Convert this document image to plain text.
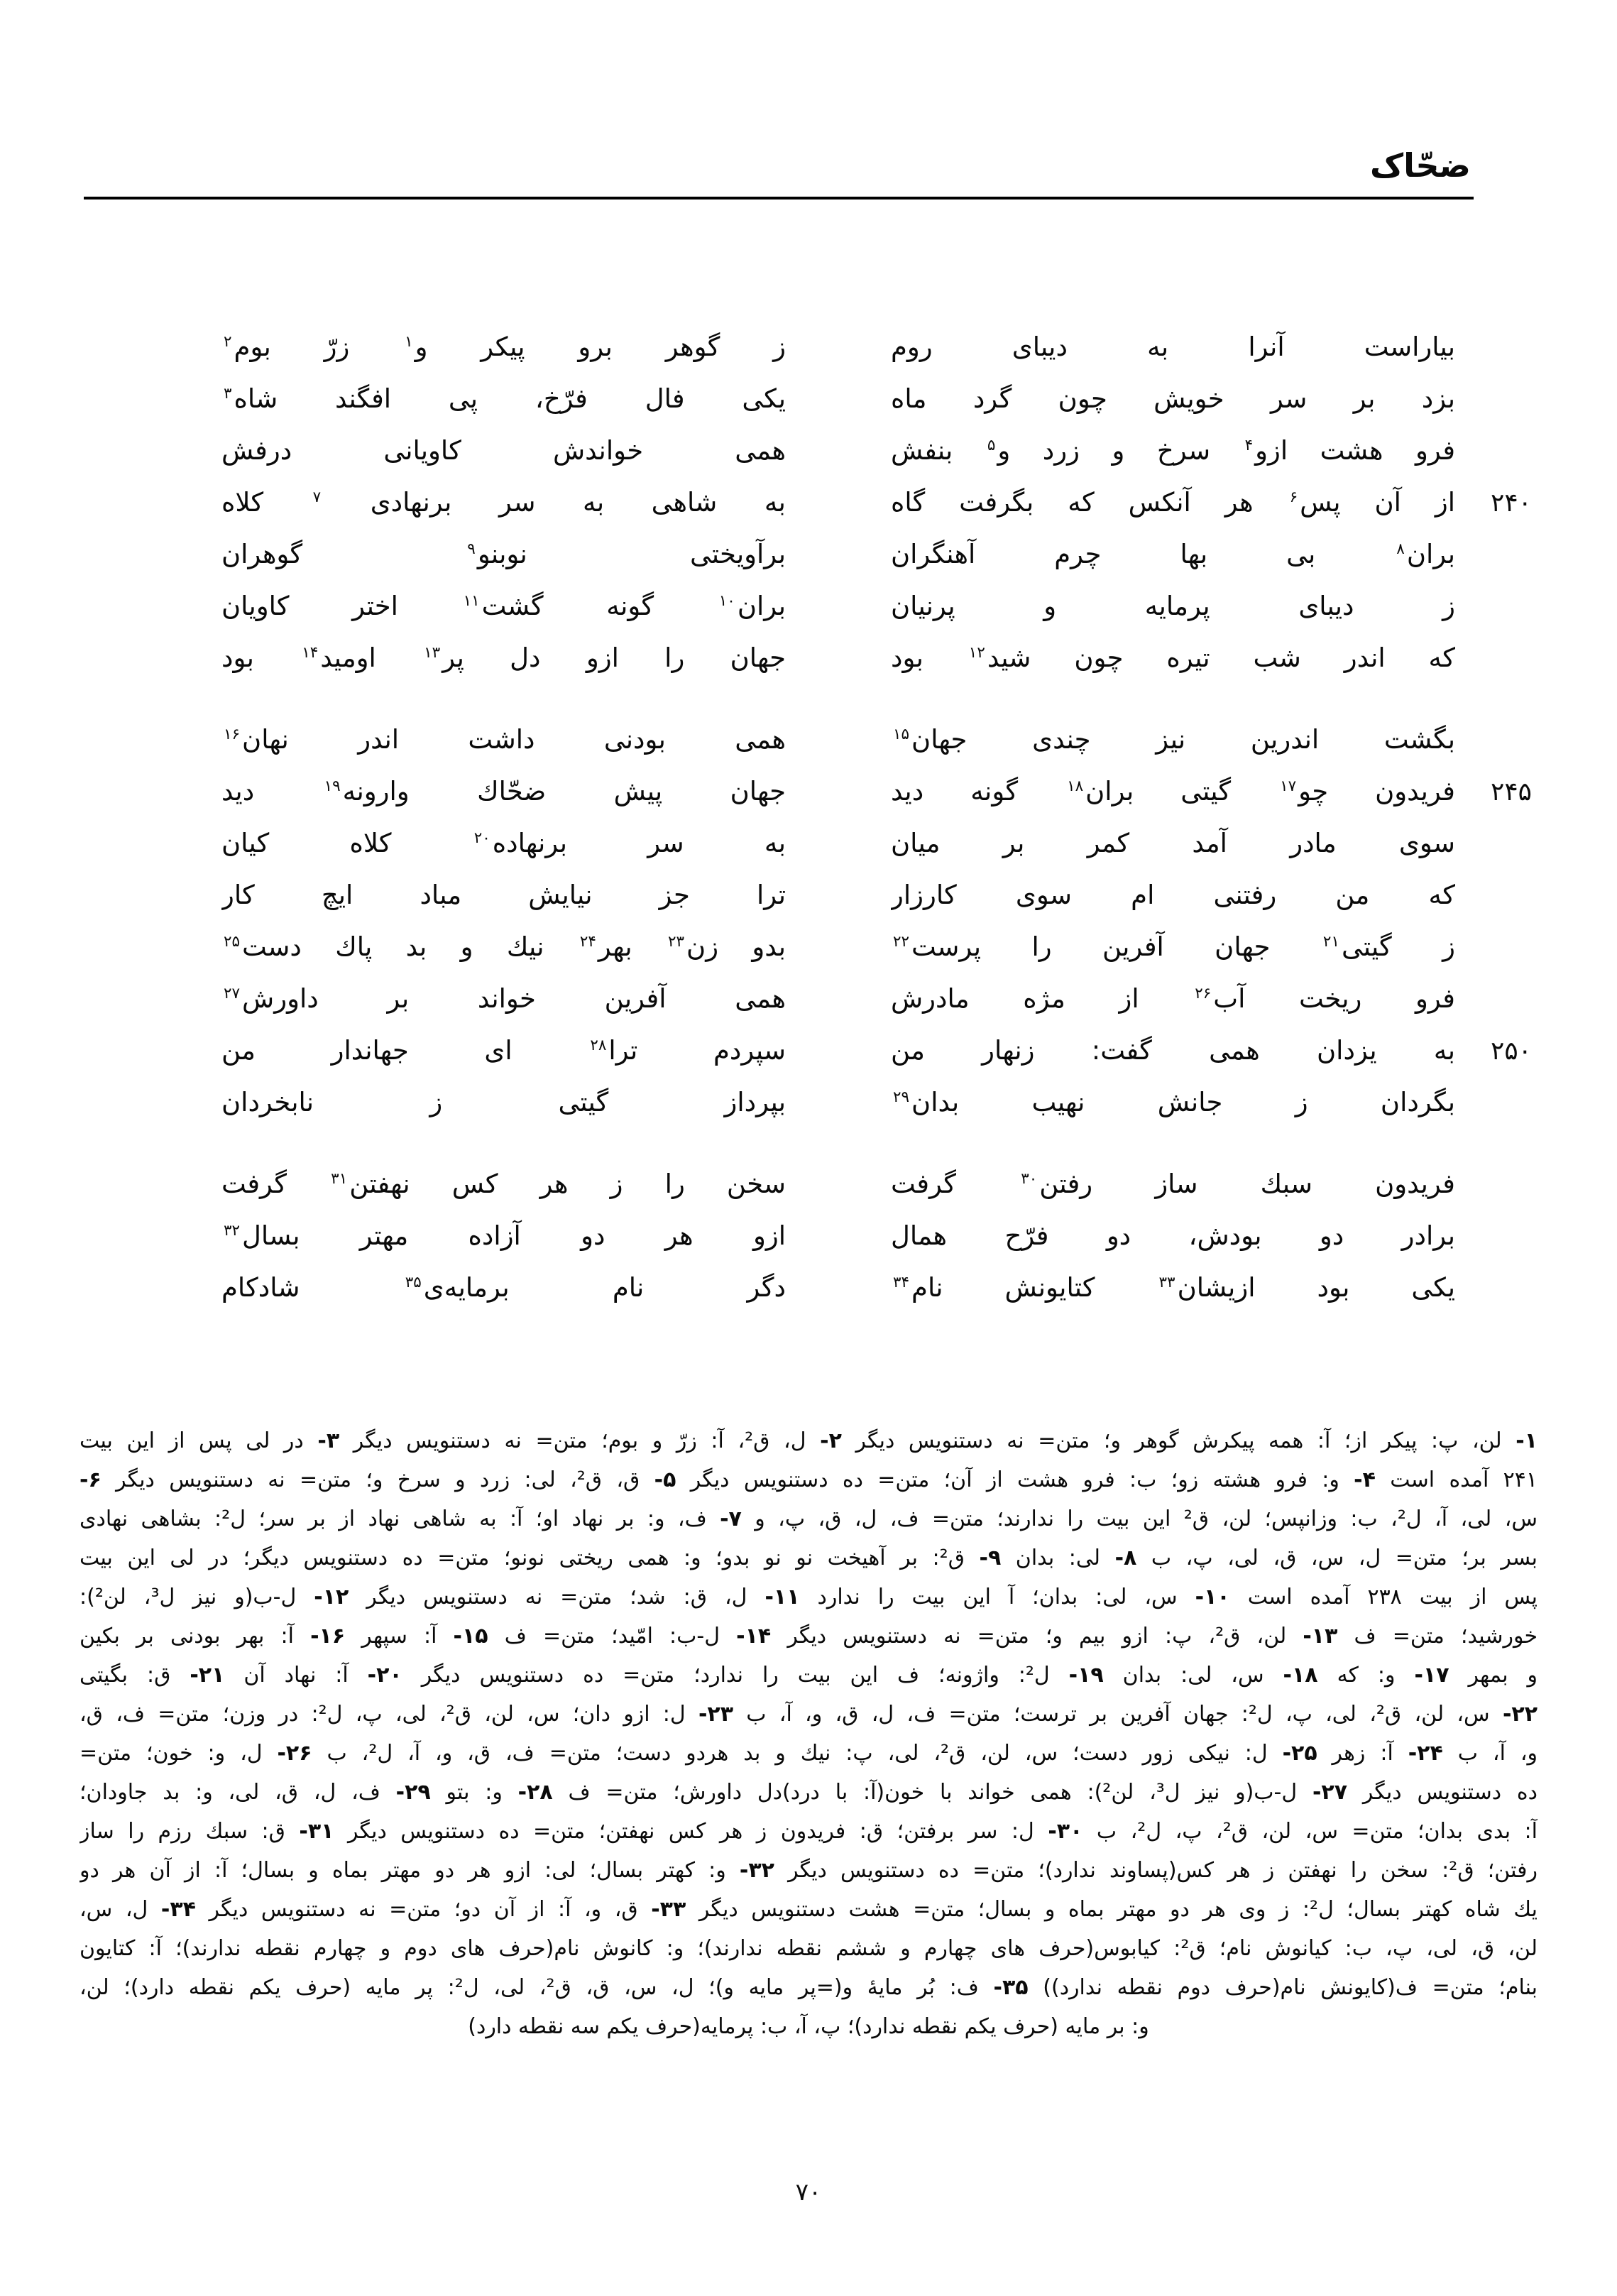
ضحّاک
بیاراست آنرا به دیبای روم
ز گوهر برو پیکر و$^۱$ زرّ بوم$^۲$
بزد بر سر خویش چون گرد ماه
یکی فال فرّخ، پی افگند شاه$^۳$
فرو هشت ازو$^۴$ سرخ و زرد و$^۵$ بنفش
همی خواندش کاویانی درفش
۲۴۰
از آن پس$^۶$ هر آنکس که بگرفت گاه
به شاهی به سر برنهادی $^۷$ کلاه
بران$^۸$ بی بها چرم آهنگران
برآویختی نوبنو$^۹$ گوهران
ز دیبای پرمایه و پرنیان
بران$^{۱۰}$ گونه گشت$^{۱۱}$ اختر کاویان
که اندر شب تیره چون شید$^{۱۲}$ بود
جهان را ازو دل پر$^{۱۳}$ اومید$^{۱۴}$ بود
بگشت اندرین نیز چندی جهان$^{۱۵}$
همی بودنی داشت اندر نهان$^{۱۶}$
۲۴۵
فریدون چو$^{۱۷}$ گیتی بران$^{۱۸}$ گونه دید
جهان پیش ضحّاك وارونه$^{۱۹}$ دید
سوی مادر آمد کمر بر میان
به سر برنهاده$^{۲۰}$ کلاه کیان
که من رفتنی ام سوی کارزار
ترا جز نیایش مباد ایچ کار
ز گیتی$^{۲۱}$ جهان آفرین را پرست$^{۲۲}$
بدو زن$^{۲۳}$ بهر$^{۲۴}$ نیك و بد پاك دست$^{۲۵}$
فرو ریخت آب$^{۲۶}$ از مژه مادرش
همی آفرین خواند بر داورش$^{۲۷}$
۲۵۰
به یزدان همی گفت: زنهار من
سپردم ترا$^{۲۸}$ ای جهاندار من
بگردان ز جانش نهیب بدان$^{۲۹}$
بپرداز گیتی ز نابخردان
فریدون سبك ساز رفتن$^{۳۰}$ گرفت
سخن را ز هر کس نهفتن$^{۳۱}$ گرفت
برادر دو بودش، دو فرّح همال
ازو هر دو آزاده مهتر بسال$^{۳۲}$
یکی بود ازیشان$^{۳۳}$ کتایونش نام$^{۳۴}$
دگر نام برمایه‌ی$^{۳۵}$ شادکام
۱- لن، پ: پیکر از؛ آ: همه پیکرش گوهر و؛ متن= نه دستنویس دیگر ۲- ل، ق²، آ: زرّ و بوم؛ متن= نه دستنویس دیگر ۳- در لی پس از این بیت
۲۴۱ آمده است ۴- و: فرو هشته زو؛ ب: فرو هشت از آن؛ متن= ده دستنویس دیگر ۵- ق، ق²، لی: زرد و سرخ و؛ متن= نه دستنویس دیگر ۶-
س، لی، آ، ل²، ب: وزانپس؛ لن، ق² این بیت را ندارند؛ متن= ف، ل، ق، پ، و ۷- ف، و: بر نهاد او؛ آ: به شاهی نهاد از بر سر؛ ل²: بشاهی نهادی
بسر بر؛ متن= ل، س، ق، لی، پ، ب ۸- لی: بدان ۹- ق²: بر آهیخت نو نو بدو؛ و: همی ریختی نونو؛ متن= ده دستنویس دیگر؛ در لی این بیت
پس از بیت ۲۳۸ آمده است ۱۰- س، لی: بدان؛ آ این بیت را ندارد ۱۱- ل، ق: شد؛ متن= نه دستنویس دیگر ۱۲- ل-ب(و نیز ل³، لن²):
خورشید؛ متن= ف ۱۳- لن، ق²، پ: ازو بیم و؛ متن= نه دستنویس دیگر ۱۴- ل-ب: امّید؛ متن= ف ۱۵- آ: سپهر ۱۶- آ: بهر بودنی بر بکین
و بمهر ۱۷- و: که ۱۸- س، لی: بدان ۱۹- ل²: واژونه؛ ف این بیت را ندارد؛ متن= ده دستنویس دیگر ۲۰- آ: نهاد آن ۲۱- ق: بگیتی
۲۲- س، لن، ق²، لی، پ، ل²: جهان آفرین بر ترست؛ متن= ف، ل، ق، و، آ، ب ۲۳- ل: ازو دان؛ س، لن، ق²، لی، پ، ل²: در وزن؛ متن= ف، ق،
و، آ، ب ۲۴- آ: زهر ۲۵- ل: نیکی زور دست؛ س، لن، ق²، لی، پ: نیك و بد هردو دست؛ متن= ف، ق، و، آ، ل²، ب ۲۶- ل، و: خون؛ متن=
ده دستنویس دیگر ۲۷- ل-ب(و نیز ل³، لن²): همی خواند با خون(آ: با درد)دل داورش؛ متن= ف ۲۸- و: بتو ۲۹- ف، ل، ق، لی، و: بد جاودان؛
آ: بدی بدان؛ متن= س، لن، ق²، پ، ل²، ب ۳۰- ل: سر برفتن؛ ق: فریدون ز هر کس نهفتن؛ متن= ده دستنویس دیگر ۳۱- ق: سبك رزم را ساز
رفتن؛ ق²: سخن را نهفتن ز هر کس(پساوند ندارد)؛ متن= ده دستنویس دیگر ۳۲- و: کهتر بسال؛ لی: ازو هر دو مهتر بماه و بسال؛ آ: از آن هر دو
یك شاه کهتر بسال؛ ل²: ز وی هر دو مهتر بماه و بسال؛ متن= هشت دستنویس دیگر ۳۳- ق، و، آ: از آن دو؛ متن= نه دستنویس دیگر ۳۴- ل، س،
لن، ق، لی، پ، ب: کیانوش نام؛ ق²: کیابوس(حرف های چهارم و ششم نقطه ندارند)؛ و: کانوش نام(حرف های دوم و چهارم نقطه ندارند)؛ آ: کتایون
بنام؛ متن= ف(کایونش نام(حرف دوم نقطه ندارد)) ۳۵- ف: بُر مایهٔ و(=پر مایه و)؛ ل، س، ق، ق²، لی، ل²: پر مایه (حرف یکم نقطه دارد)؛ لن،
و: بر مایه (حرف یکم نقطه ندارد)؛ پ، آ، ب: پرمایه(حرف یکم سه نقطه دارد)
۷۰
